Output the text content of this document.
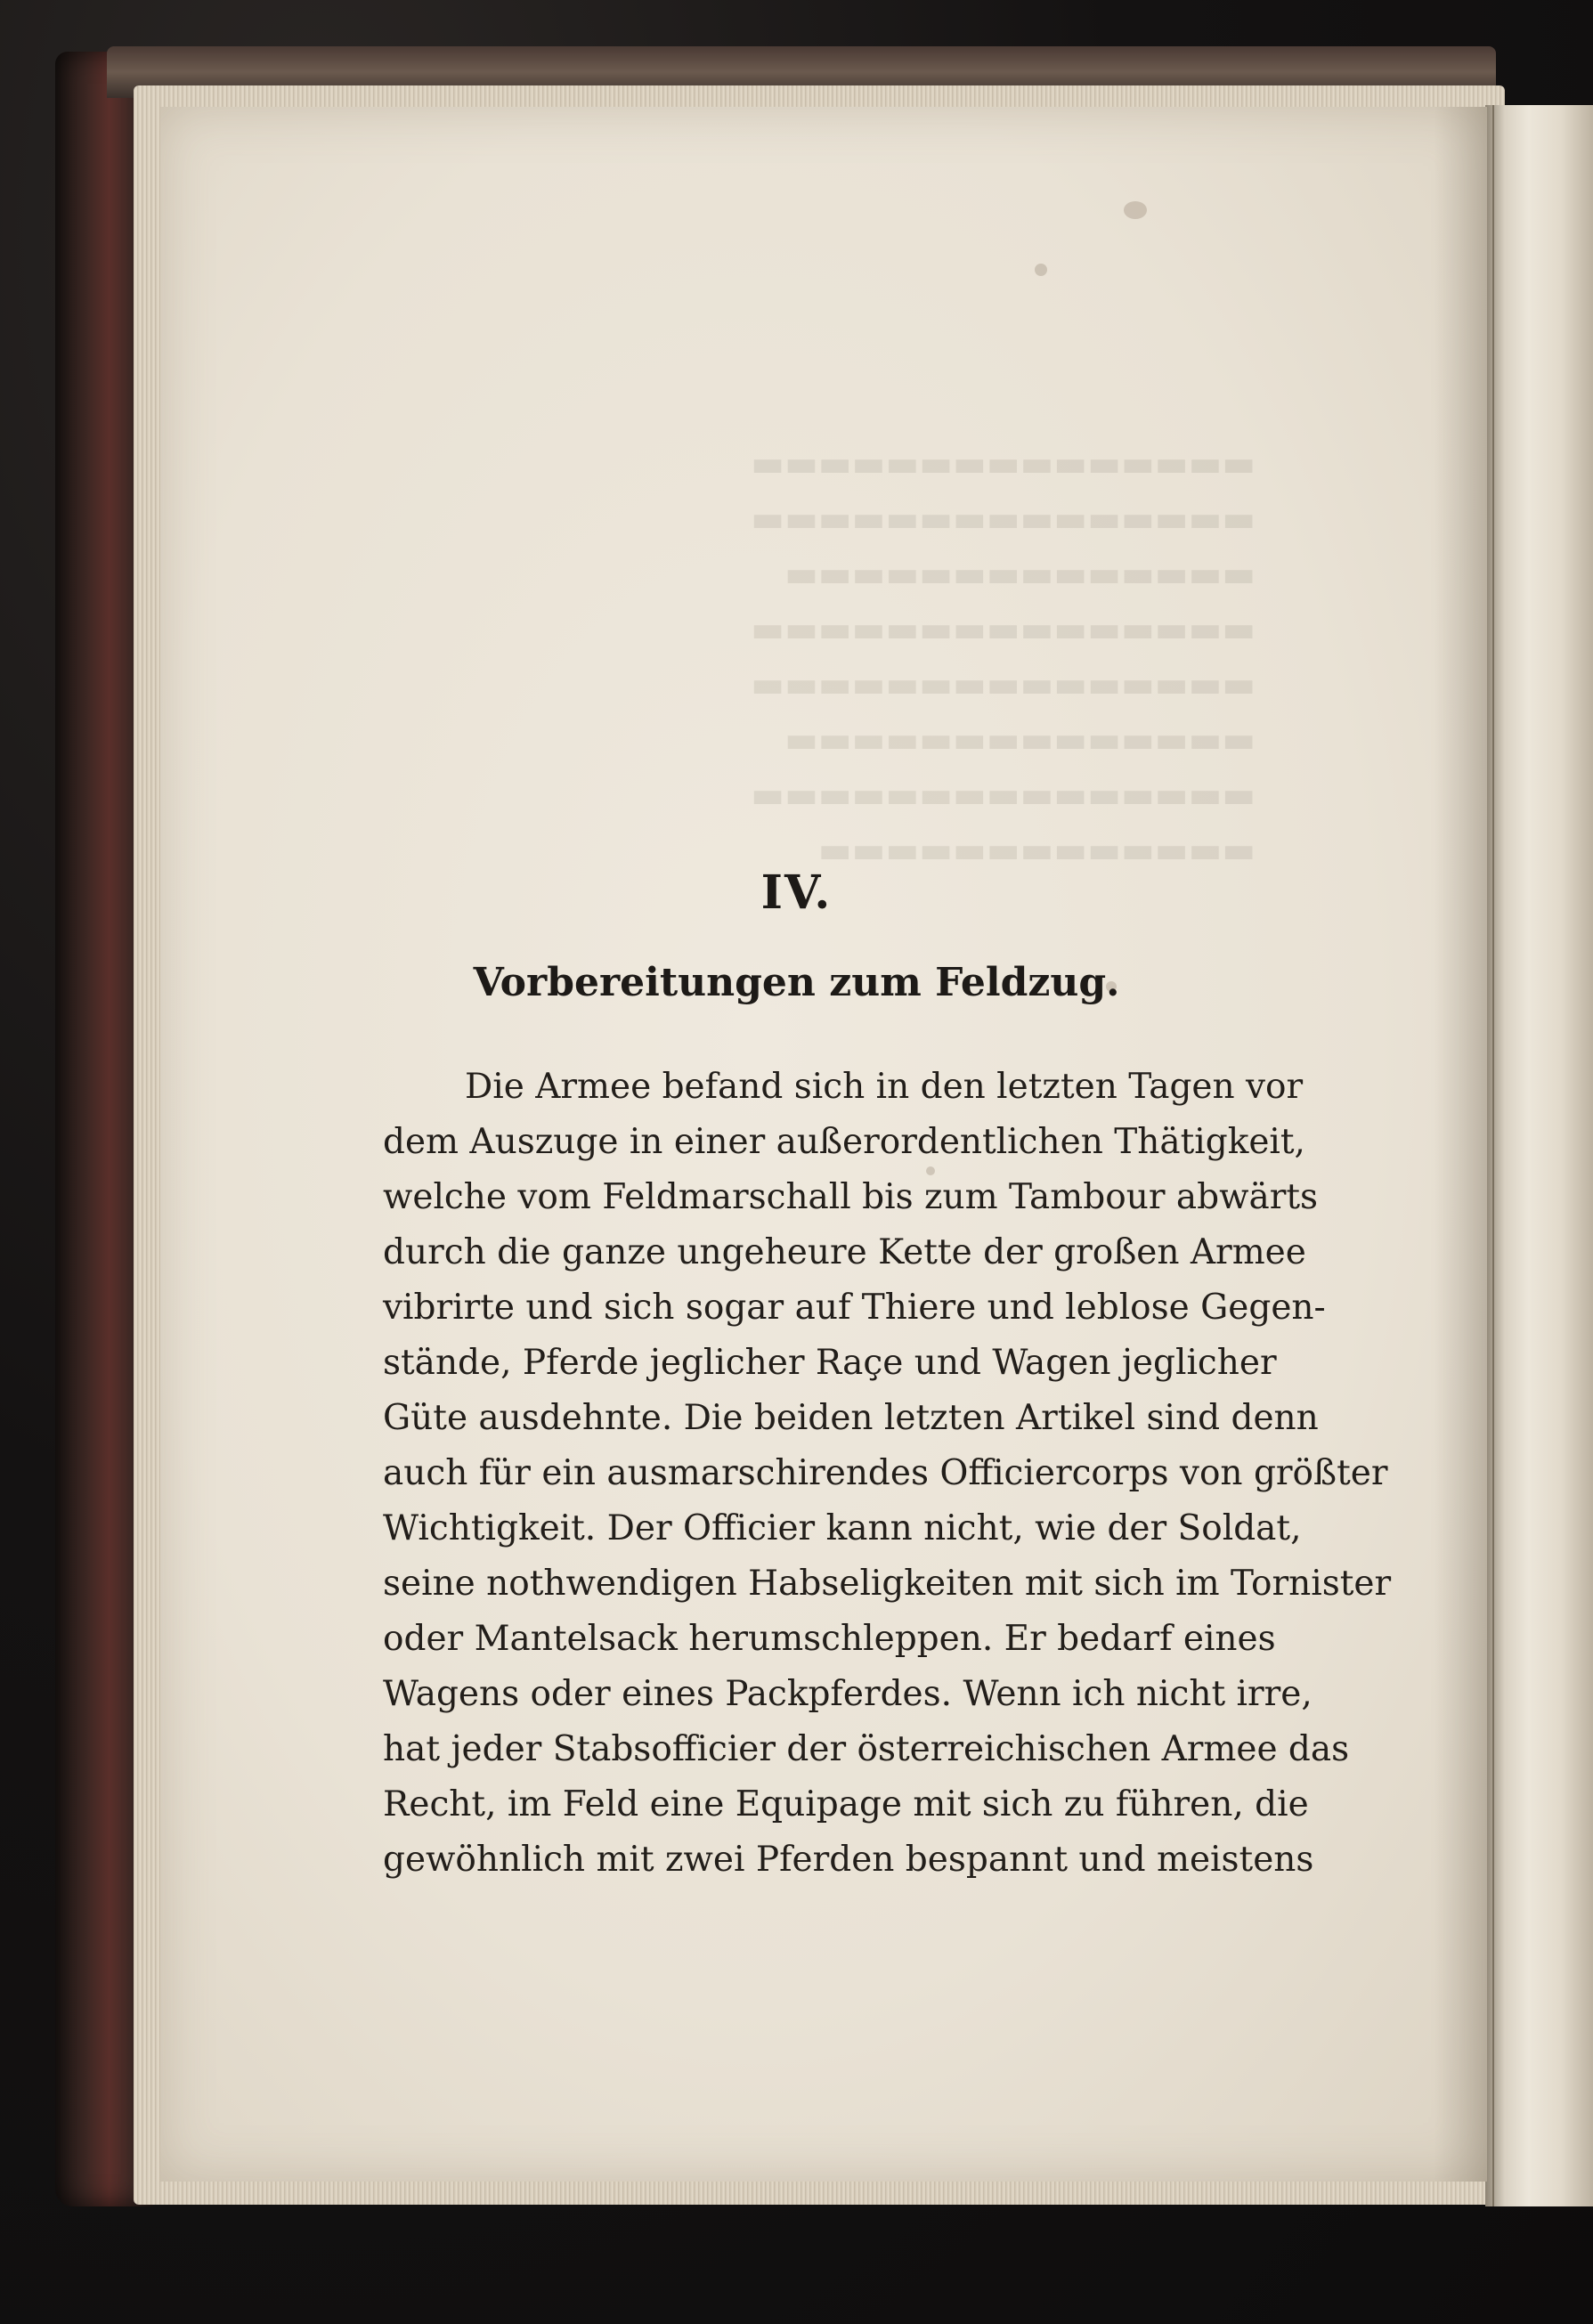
IV.
Vorbereitungen zum Feldzug.
Die Armee befand sich in den letzten Tagen vor
dem Auszuge in einer außerordentlichen Thätigkeit,
welche vom Feldmarschall bis zum Tambour abwärts
durch die ganze ungeheure Kette der großen Armee
vibrirte und sich sogar auf Thiere und leblose Gegen-
stände, Pferde jeglicher Raçe und Wagen jeglicher
Güte ausdehnte. Die beiden letzten Artikel sind denn
auch für ein ausmarschirendes Officiercorps von größter
Wichtigkeit. Der Officier kann nicht, wie der Soldat,
seine nothwendigen Habseligkeiten mit sich im Tornister
oder Mantelsack herumschleppen. Er bedarf eines
Wagens oder eines Packpferdes. Wenn ich nicht irre,
hat jeder Stabsofficier der österreichischen Armee das
Recht, im Feld eine Equipage mit sich zu führen, die
gewöhnlich mit zwei Pferden bespannt und meistens
